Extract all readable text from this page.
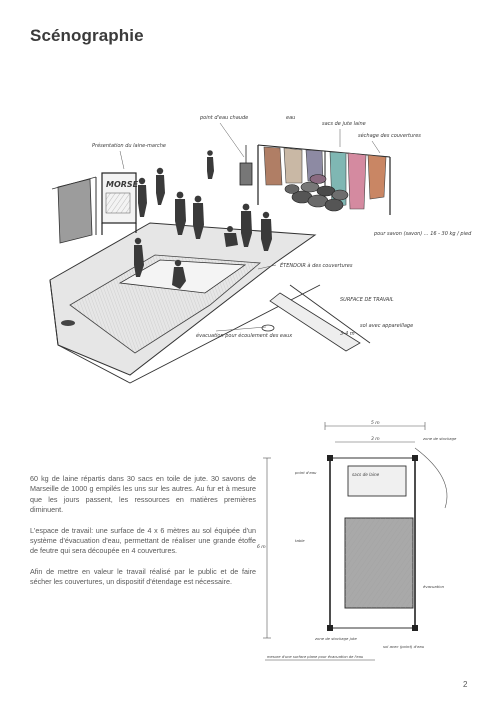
Scénographie
MORSE
Présentation du laine-marche
point d'eau chaude	eau
sacs de jute laine
séchage des couvertures
pour savon (savon) ... 16 - 30 kg / pied
ÉTENDOIR à des couvertures
évacuation pour écoulement des eaux
SURFACE DE TRAVAIL
sol avec appareillage
3-4 m

60 kg de laine répartis dans 30 sacs en toile de jute. 30 savons de Marseille de 1000 g empilés les uns sur les autres. Au fur et à mesure que les jours passent, les ressources en matières premières diminuent.

L'espace de travail: une surface de 4 x 6 mètres au sol équipée d'un système d'évacuation d'eau, permettant de réaliser une grande étoffe de feutre qui sera découpée en 4 couvertures.

Afin de mettre en valeur le travail réalisé par le public et de faire sécher les couvertures, un dispositif d'étendage est nécessaire.

5 m
3 m
6 m
sacs de laine
zone de stockage
point d'eau
table
évacuation
zone de stockage jute
sol avec (point) d'eau
mesure d'une surface plane pour évacuation de l'eau
2
